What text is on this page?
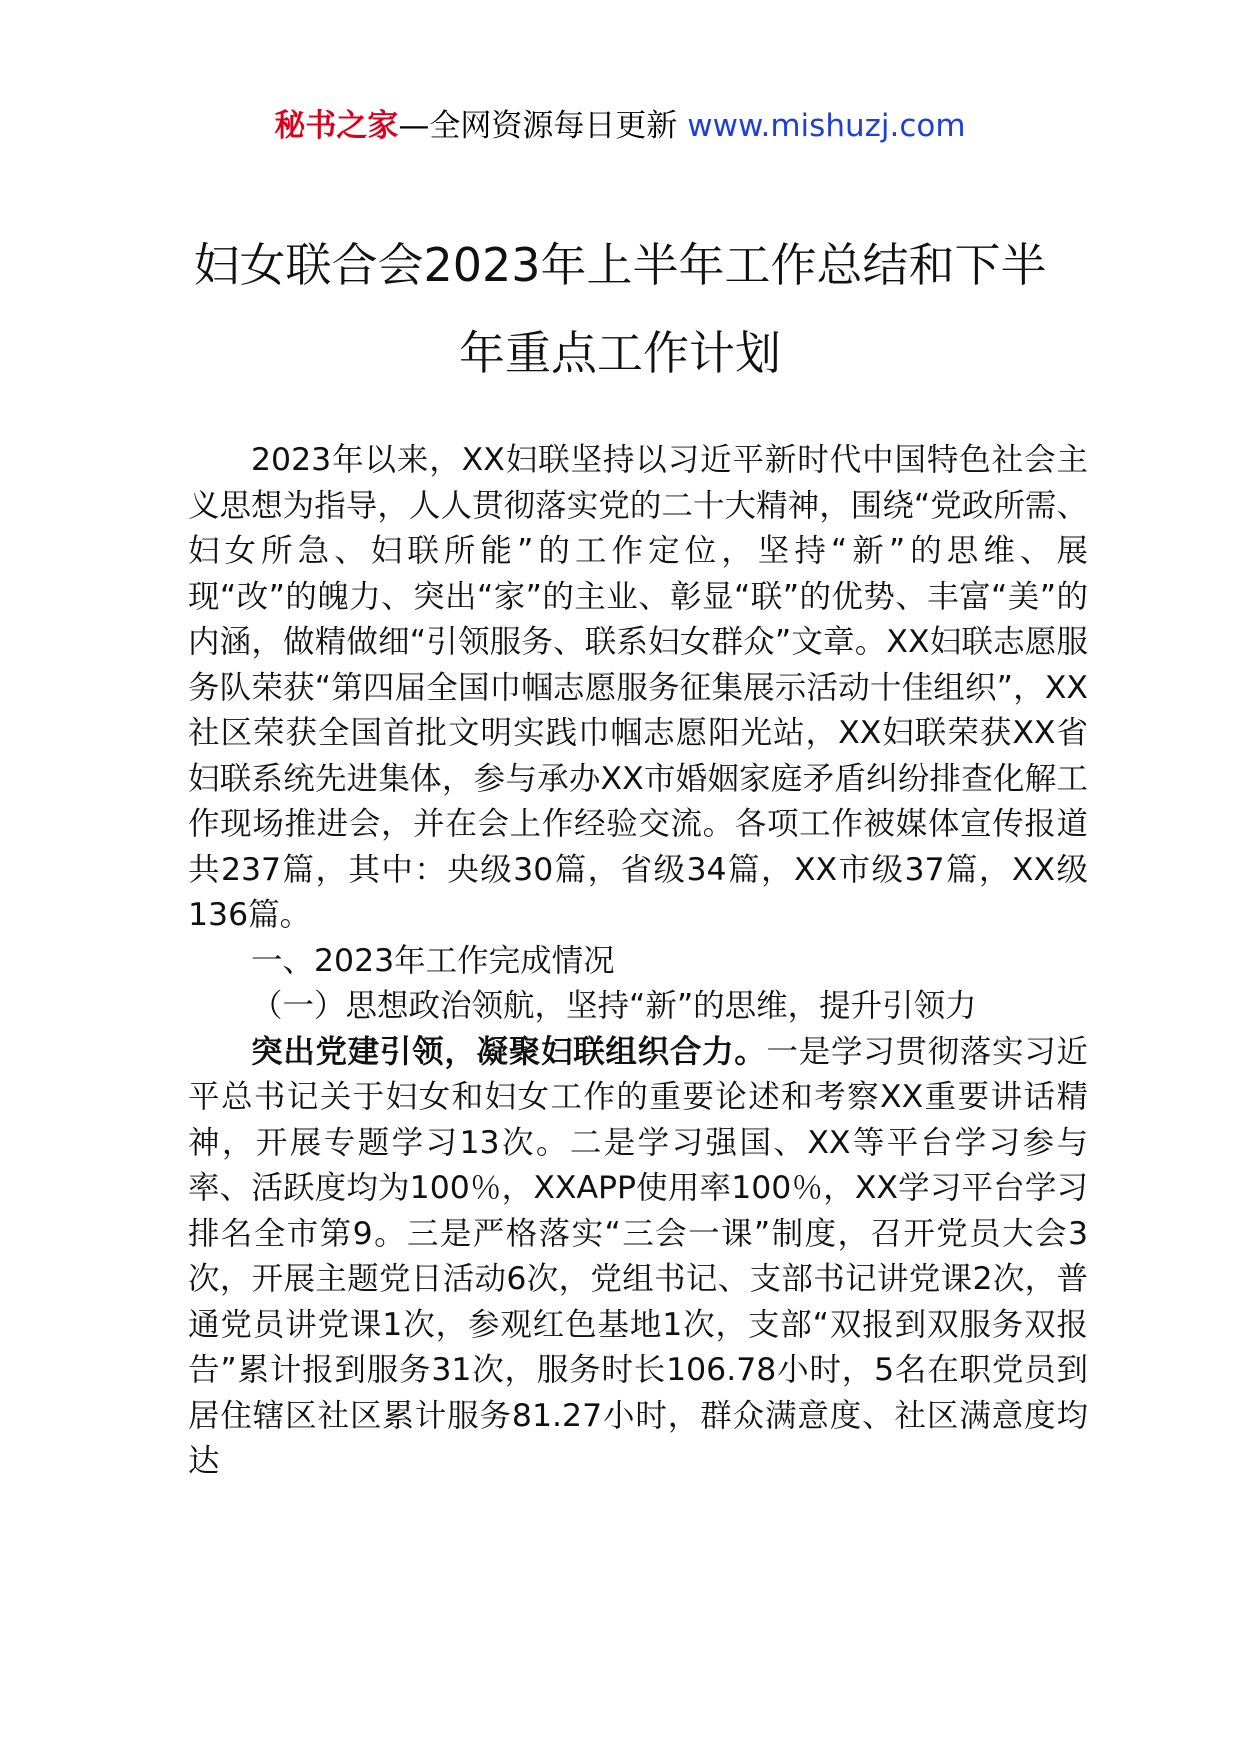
秘书之家—全网资源每日更新 www.mishuzj.com
妇女联合会2023年上半年工作总结和下半
年重点工作计划

2023年以来，XX妇联坚持以习近平新时代中国特色社会主义思想为指导，人人贯彻落实党的二十大精神，围绕“党政所需、妇女所急、妇联所能”的工作定位，坚持“新”的思维、展现“改”的魄力、突出“家”的主业、彰显“联”的优势、丰富“美”的内涵，做精做细“引领服务、联系妇女群众”文章。XX妇联志愿服务队荣获“第四届全国巾帼志愿服务征集展示活动十佳组织”，XX社区荣获全国首批文明实践巾帼志愿阳光站，XX妇联荣获XX省妇联系统先进集体，参与承办XX市婚姻家庭矛盾纠纷排查化解工作现场推进会，并在会上作经验交流。各项工作被媒体宣传报道共237篇，其中：央级30篇，省级34篇，XX市级37篇，XX级136篇。

一、2023年工作完成情况

（一）思想政治领航，坚持“新”的思维，提升引领力

突出党建引领，凝聚妇联组织合力。一是学习贯彻落实习近平总书记关于妇女和妇女工作的重要论述和考察XX重要讲话精神，开展专题学习13次。二是学习强国、XX等平台学习参与率、活跃度均为100％，XXAPP使用率100％，XX学习平台学习排名全市第9。三是严格落实“三会一课”制度，召开党员大会3次，开展主题党日活动6次，党组书记、支部书记讲党课2次，普通党员讲党课1次，参观红色基地1次，支部“双报到双服务双报告”累计报到服务31次，服务时长106.78小时，5名在职党员到居住辖区社区累计服务81.27小时，群众满意度、社区满意度均达
